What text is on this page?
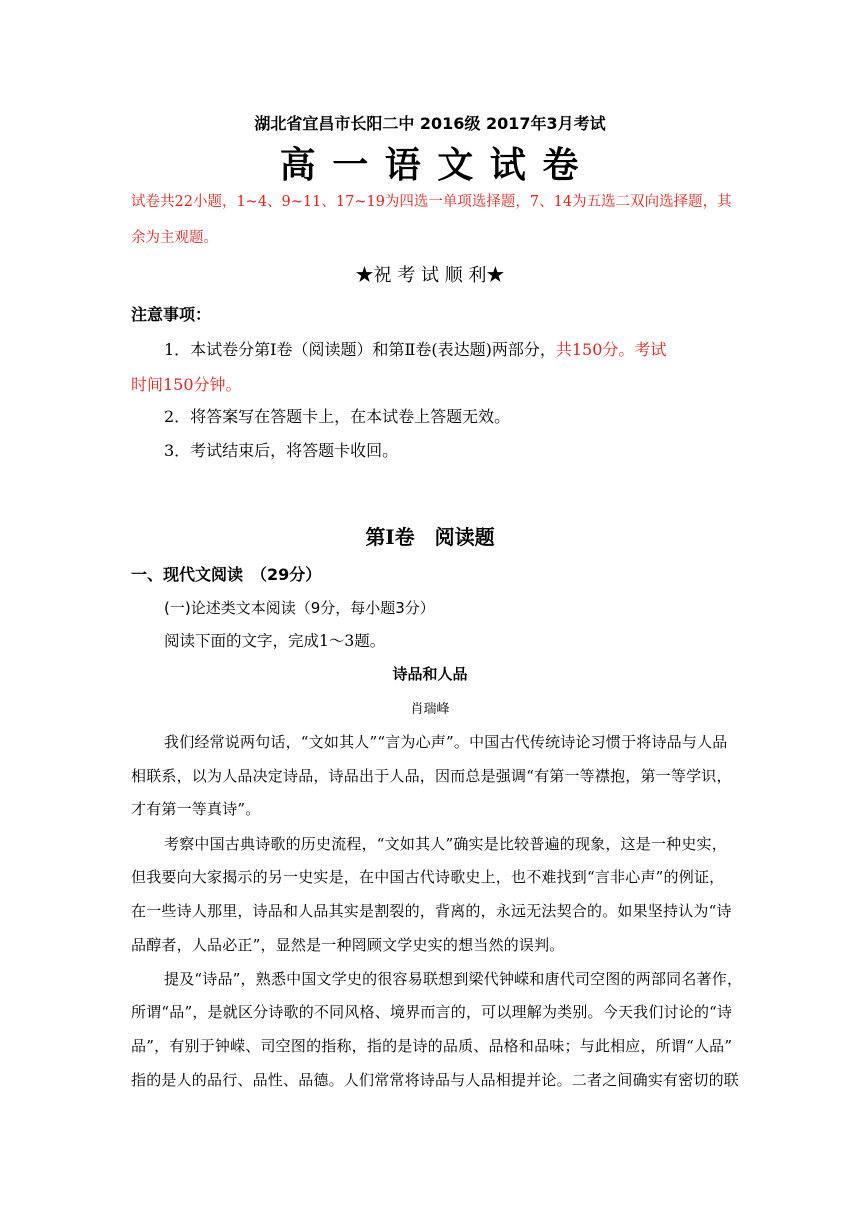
湖北省宜昌市长阳二中 2016级 2017年3月考试
高 一 语 文 试 卷
试卷共22小题，1~4、9~11、17~19为四选一单项选择题，7、14为五选二双向选择题，其
余为主观题。
★祝 考 试 顺 利★
注意事项：
1．本试卷分第Ⅰ卷（阅读题）和第Ⅱ卷(表达题)两部分，共150分。考试
时间150分钟。
2．将答案写在答题卡上，在本试卷上答题无效。
3．考试结束后，将答题卡收回。
第Ⅰ卷　阅读题
一、现代文阅读　（29分）
(一)论述类文本阅读（9分，每小题3分）
阅读下面的文字，完成1～3题。
诗品和人品
肖瑞峰
我们经常说两句话，“文如其人”“言为心声”。中国古代传统诗论习惯于将诗品与人品
相联系，以为人品决定诗品，诗品出于人品，因而总是强调“有第一等襟抱，第一等学识，
才有第一等真诗”。
考察中国古典诗歌的历史流程，“文如其人”确实是比较普遍的现象，这是一种史实，
但我要向大家揭示的另一史实是，在中国古代诗歌史上，也不难找到“言非心声”的例证，
在一些诗人那里，诗品和人品其实是割裂的，背离的，永远无法契合的。如果坚持认为“诗
品醇者，人品必正”，显然是一种罔顾文学史实的想当然的误判。
提及“诗品”，熟悉中国文学史的很容易联想到梁代钟嵘和唐代司空图的两部同名著作，
所谓“品”，是就区分诗歌的不同风格、境界而言的，可以理解为类别。今天我们讨论的“诗
品”，有别于钟嵘、司空图的指称，指的是诗的品质、品格和品味；与此相应，所谓“人品”
指的是人的品行、品性、品德。人们常常将诗品与人品相提并论。二者之间确实有密切的联
